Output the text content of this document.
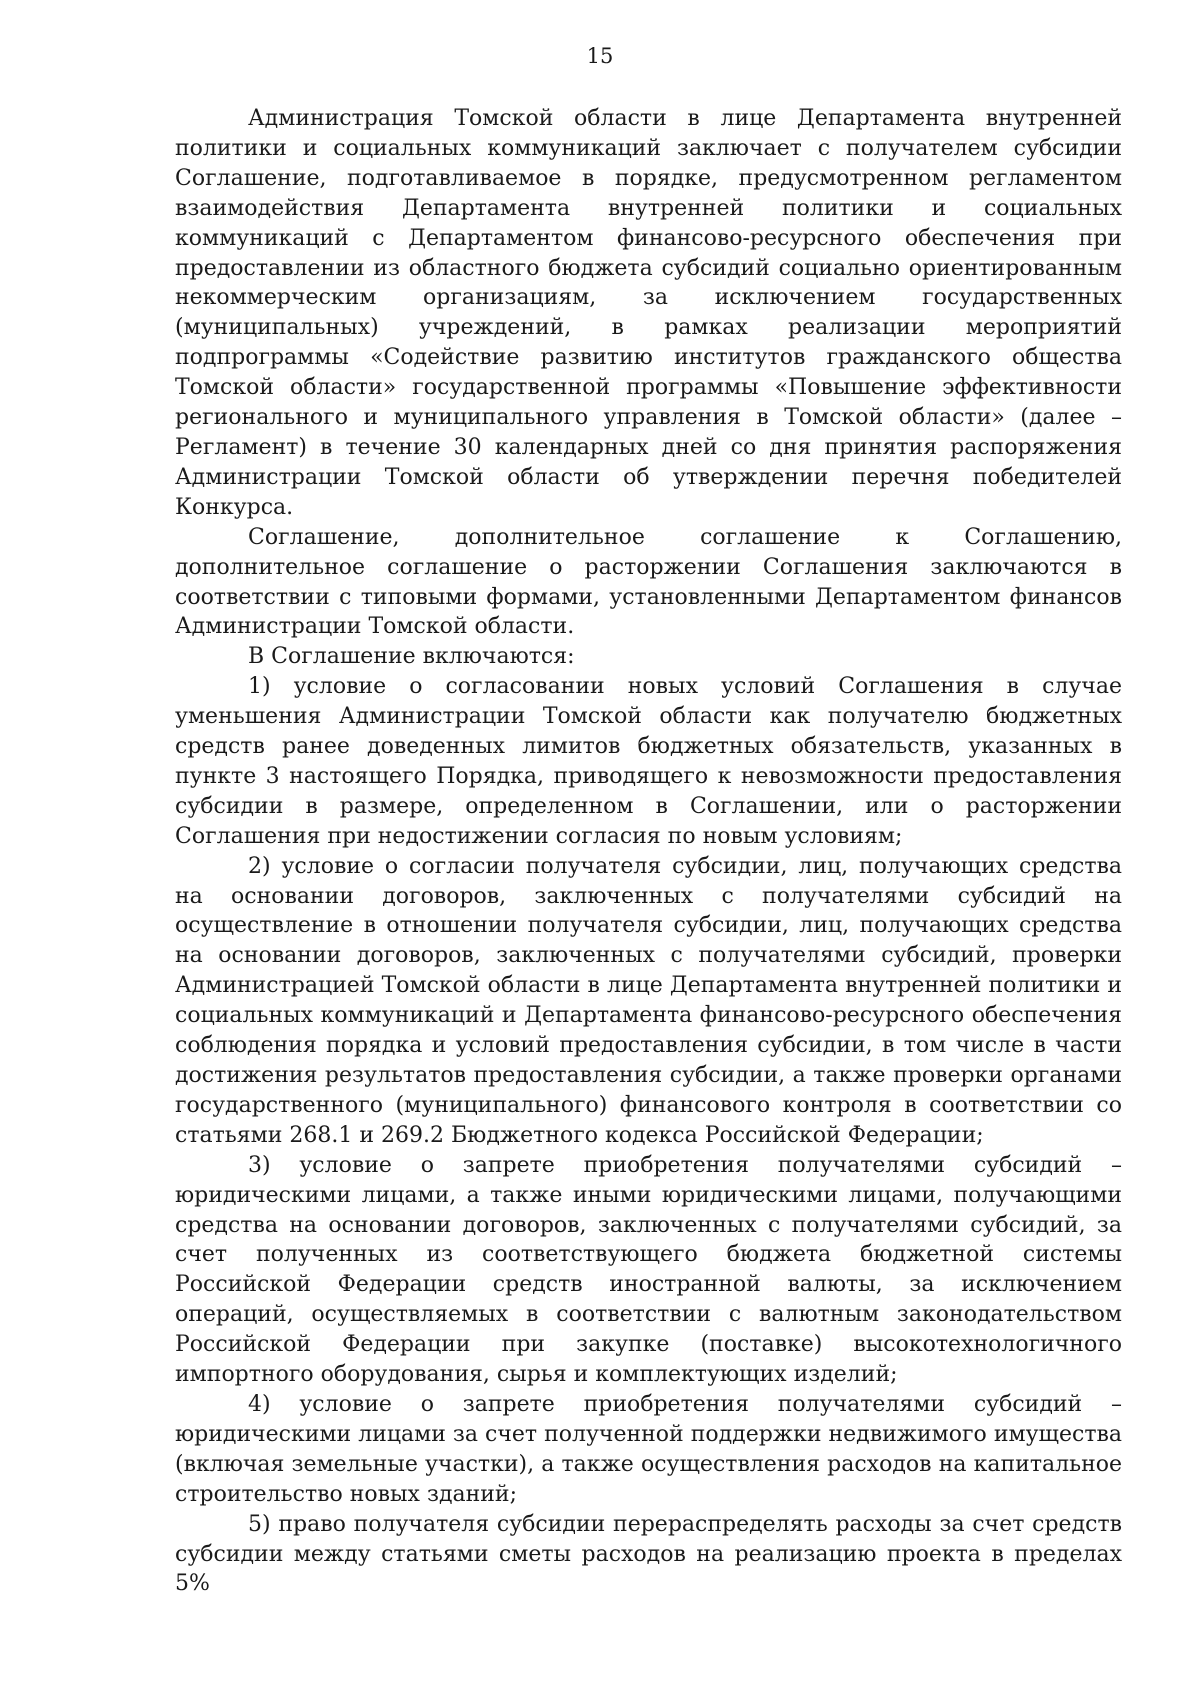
15

Администрация Томской области в лице Департамента внутренней политики и социальных коммуникаций заключает с получателем субсидии Соглашение, подготавливаемое в порядке, предусмотренном регламентом взаимодействия Департамента внутренней политики и социальных коммуникаций с Департаментом финансово-ресурсного обеспечения при предоставлении из областного бюджета субсидий социально ориентированным некоммерческим организациям, за исключением государственных (муниципальных) учреждений, в рамках реализации мероприятий подпрограммы «Содействие развитию институтов гражданского общества Томской области» государственной программы «Повышение эффективности регионального и муниципального управления в Томской области» (далее – Регламент) в течение 30 календарных дней со дня принятия распоряжения Администрации Томской области об утверждении перечня победителей Конкурса.

Соглашение, дополнительное соглашение к Соглашению, дополнительное соглашение о расторжении Соглашения заключаются в соответствии с типовыми формами, установленными Департаментом финансов Администрации Томской области.

В Соглашение включаются:

1) условие о согласовании новых условий Соглашения в случае уменьшения Администрации Томской области как получателю бюджетных средств ранее доведенных лимитов бюджетных обязательств, указанных в пункте 3 настоящего Порядка, приводящего к невозможности предоставления субсидии в размере, определенном в Соглашении, или о расторжении Соглашения при недостижении согласия по новым условиям;

2) условие о согласии получателя субсидии, лиц, получающих средства на основании договоров, заключенных с получателями субсидий на осуществление в отношении получателя субсидии, лиц, получающих средства на основании договоров, заключенных с получателями субсидий, проверки Администрацией Томской области в лице Департамента внутренней политики и социальных коммуникаций и Департамента финансово-ресурсного обеспечения соблюдения порядка и условий предоставления субсидии, в том числе в части достижения результатов предоставления субсидии, а также проверки органами государственного (муниципального) финансового контроля в соответствии со статьями 268.1 и 269.2 Бюджетного кодекса Российской Федерации;

3) условие о запрете приобретения получателями субсидий – юридическими лицами, а также иными юридическими лицами, получающими средства на основании договоров, заключенных с получателями субсидий, за счет полученных из соответствующего бюджета бюджетной системы Российской Федерации средств иностранной валюты, за исключением операций, осуществляемых в соответствии с валютным законодательством Российской Федерации при закупке (поставке) высокотехнологичного импортного оборудования, сырья и комплектующих изделий;

4) условие о запрете приобретения получателями субсидий – юридическими лицами за счет полученной поддержки недвижимого имущества (включая земельные участки), а также осуществления расходов на капитальное строительство новых зданий;

5) право получателя субсидии перераспределять расходы за счет средств субсидии между статьями сметы расходов на реализацию проекта в пределах 5%
